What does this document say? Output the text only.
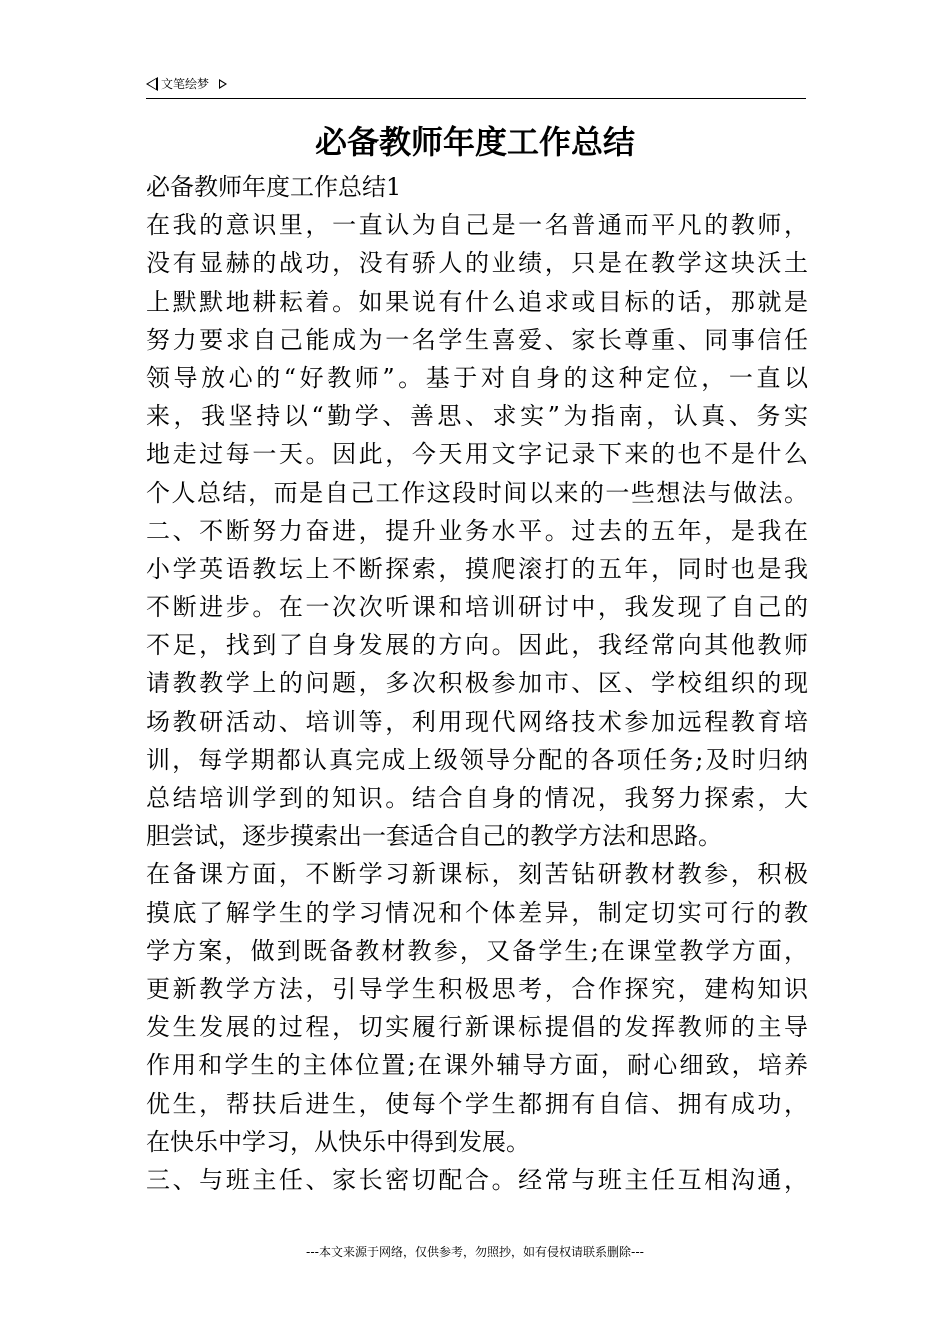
文笔绘梦
必备教师年度工作总结
必备教师年度工作总结1
在我的意识里，一直认为自己是一名普通而平凡的教师，
没有显赫的战功，没有骄人的业绩，只是在教学这块沃土
上默默地耕耘着。如果说有什么追求或目标的话，那就是
努力要求自己能成为一名学生喜爱、家长尊重、同事信任
领导放心的“好教师”。基于对自身的这种定位，一直以
来，我坚持以“勤学、善思、求实”为指南，认真、务实
地走过每一天。因此，今天用文字记录下来的也不是什么
个人总结，而是自己工作这段时间以来的一些想法与做法。
二、不断努力奋进，提升业务水平。过去的五年，是我在
小学英语教坛上不断探索，摸爬滚打的五年，同时也是我
不断进步。在一次次听课和培训研讨中，我发现了自己的
不足，找到了自身发展的方向。因此，我经常向其他教师
请教教学上的问题，多次积极参加市、区、学校组织的现
场教研活动、培训等，利用现代网络技术参加远程教育培
训，每学期都认真完成上级领导分配的各项任务;及时归纳
总结培训学到的知识。结合自身的情况，我努力探索，大
胆尝试，逐步摸索出一套适合自己的教学方法和思路。
在备课方面，不断学习新课标，刻苦钻研教材教参，积极
摸底了解学生的学习情况和个体差异，制定切实可行的教
学方案，做到既备教材教参，又备学生;在课堂教学方面，
更新教学方法，引导学生积极思考，合作探究，建构知识
发生发展的过程，切实履行新课标提倡的发挥教师的主导
作用和学生的主体位置;在课外辅导方面，耐心细致，培养
优生，帮扶后进生，使每个学生都拥有自信、拥有成功，
在快乐中学习，从快乐中得到发展。
三、与班主任、家长密切配合。经常与班主任互相沟通，
---本文来源于网络，仅供参考，勿照抄，如有侵权请联系删除---
